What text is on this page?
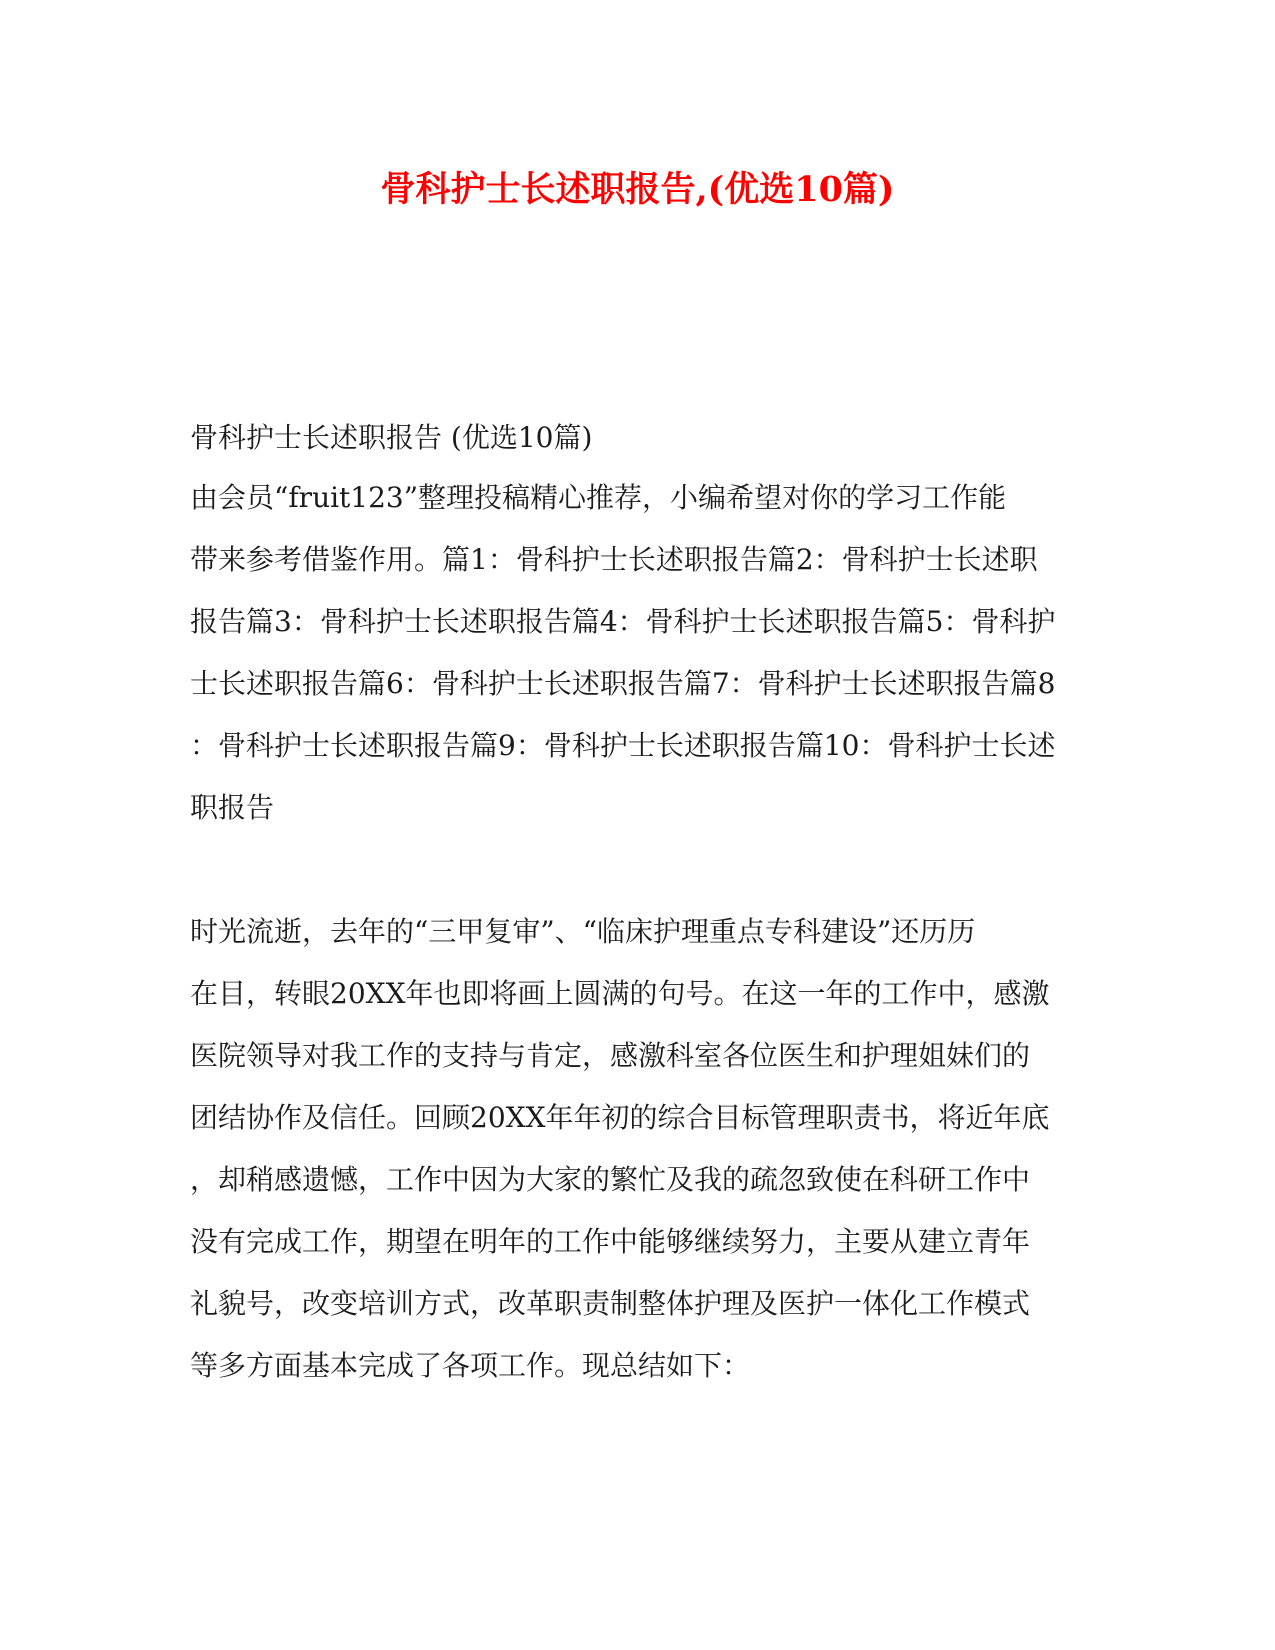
骨科护士长述职报告,(优选10篇)
骨科护士长述职报告 (优选10篇)
由会员“fruit123”整理投稿精心推荐，小编希望对你的学习工作能
带来参考借鉴作用。篇1：骨科护士长述职报告篇2：骨科护士长述职
报告篇3：骨科护士长述职报告篇4：骨科护士长述职报告篇5：骨科护
士长述职报告篇6：骨科护士长述职报告篇7：骨科护士长述职报告篇8
：骨科护士长述职报告篇9：骨科护士长述职报告篇10：骨科护士长述
职报告
时光流逝，去年的“三甲复审”、“临床护理重点专科建设”还历历
在目，转眼20XX年也即将画上圆满的句号。在这一年的工作中，感激
医院领导对我工作的支持与肯定，感激科室各位医生和护理姐妹们的
团结协作及信任。回顾20XX年年初的综合目标管理职责书，将近年底
，却稍感遗憾，工作中因为大家的繁忙及我的疏忽致使在科研工作中
没有完成工作，期望在明年的工作中能够继续努力，主要从建立青年
礼貌号，改变培训方式，改革职责制整体护理及医护一体化工作模式
等多方面基本完成了各项工作。现总结如下：
